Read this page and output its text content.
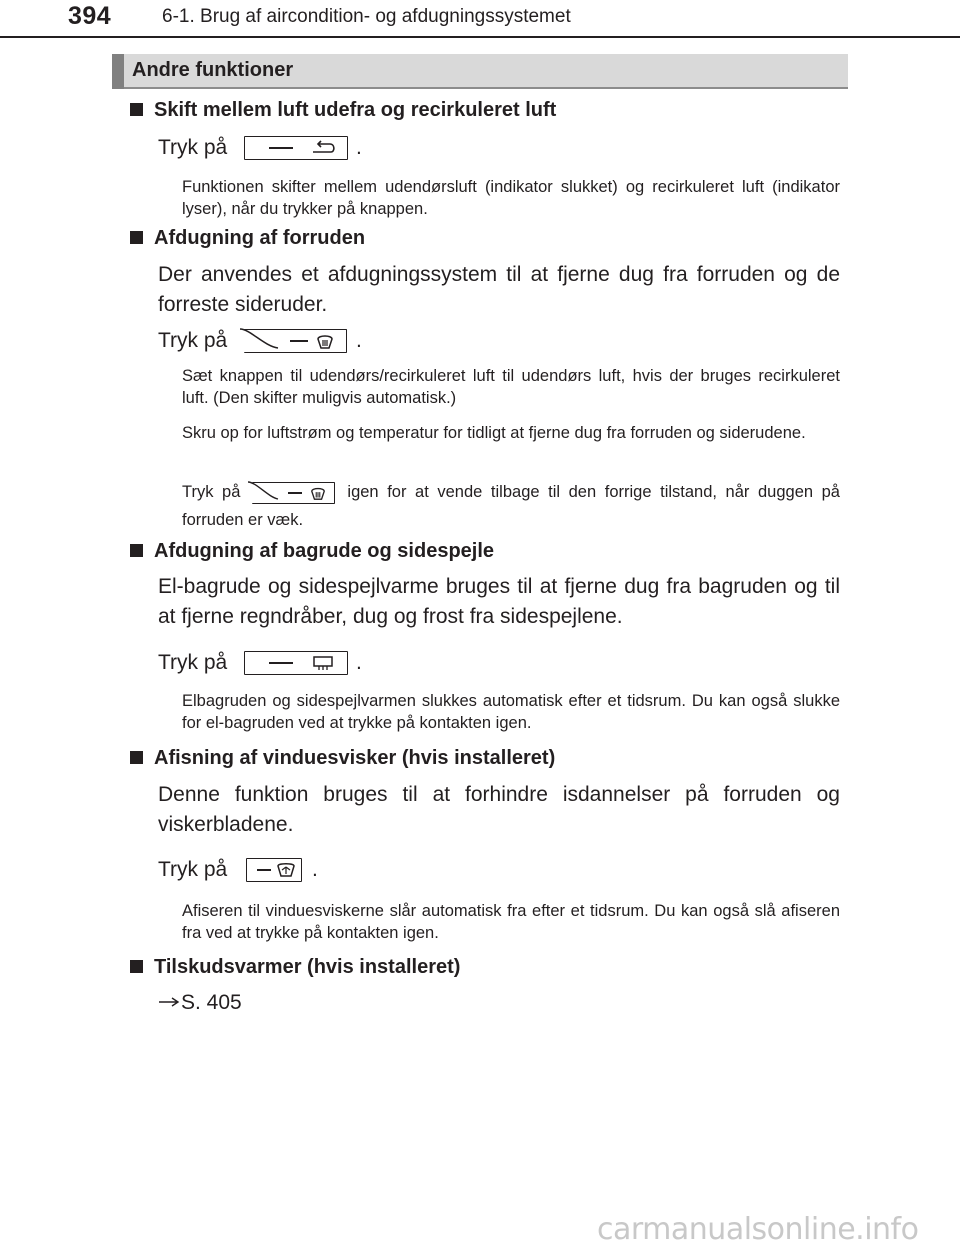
394	6-1. Brug af aircondition- og afdugningssystemet
Andre funktioner
Skift mellem luft udefra og recirkuleret luft
Tryk på	.
Funktionen skifter mellem udendørsluft (indikator slukket) og recirkuleret luft (indikator lyser), når du trykker på knappen.
Afdugning af forruden
Der anvendes et afdugningssystem til at fjerne dug fra forruden og de forreste sideruder.
Tryk på	.
Sæt knappen til udendørs/recirkuleret luft til udendørs luft, hvis der bruges recirkuleret luft. (Den skifter muligvis automatisk.)
Skru op for luftstrøm og temperatur for tidligt at fjerne dug fra forruden og siderudene.
Tryk på	igen for at vende tilbage til den forrige tilstand, når duggen på forruden er væk.
Afdugning af bagrude og sidespejle
El-bagrude og sidespejlvarme bruges til at fjerne dug fra bagruden og til at fjerne regndråber, dug og frost fra sidespejlene.
Tryk på	.
Elbagruden og sidespejlvarmen slukkes automatisk efter et tidsrum. Du kan også slukke for el-bagruden ved at trykke på kontakten igen.
Afisning af vinduesvisker (hvis installeret)
Denne funktion bruges til at forhindre isdannelser på forruden og viskerbladene.
Tryk på	.
Afiseren til vinduesviskerne slår automatisk fra efter et tidsrum. Du kan også slå afiseren fra ved at trykke på kontakten igen.
Tilskudsvarmer (hvis installeret)
S. 405
carmanualsonline.info
